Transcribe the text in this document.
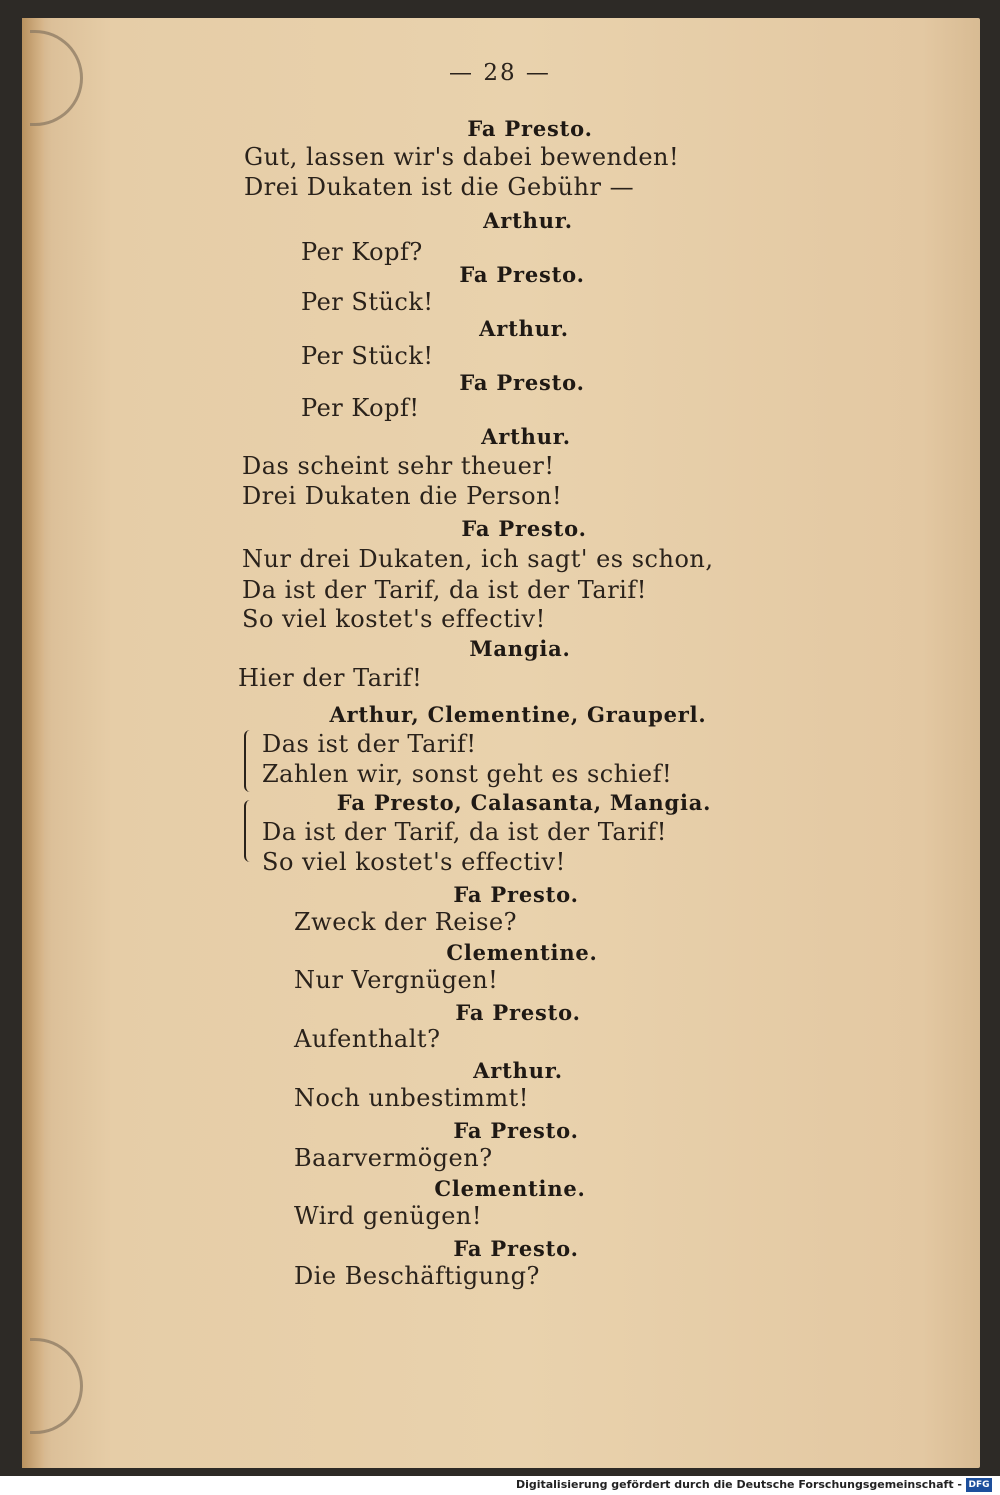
— 28 —
Fa Presto.
Gut, lassen wir's dabei bewenden!
Drei Dukaten ist die Gebühr —
Arthur.
Per Kopf?
Fa Presto.
Per Stück!
Arthur.
Per Stück!
Fa Presto.
Per Kopf!
Arthur.
Das scheint sehr theuer!
Drei Dukaten die Person!
Fa Presto.
Nur drei Dukaten, ich sagt' es schon,
Da ist der Tarif, da ist der Tarif!
So viel kostet's effectiv!
Mangia.
Hier der Tarif!
Arthur, Clementine, Grauperl.
Das ist der Tarif!
Zahlen wir, sonst geht es schief!
Fa Presto, Calasanta, Mangia.
Da ist der Tarif, da ist der Tarif!
So viel kostet's effectiv!
Fa Presto.
Zweck der Reise?
Clementine.
Nur Vergnügen!
Fa Presto.
Aufenthalt?
Arthur.
Noch unbestimmt!
Fa Presto.
Baarvermögen?
Clementine.
Wird genügen!
Fa Presto.
Die Beschäftigung?
Digitalisierung gefördert durch die Deutsche Forschungsgemeinschaft - DFG
